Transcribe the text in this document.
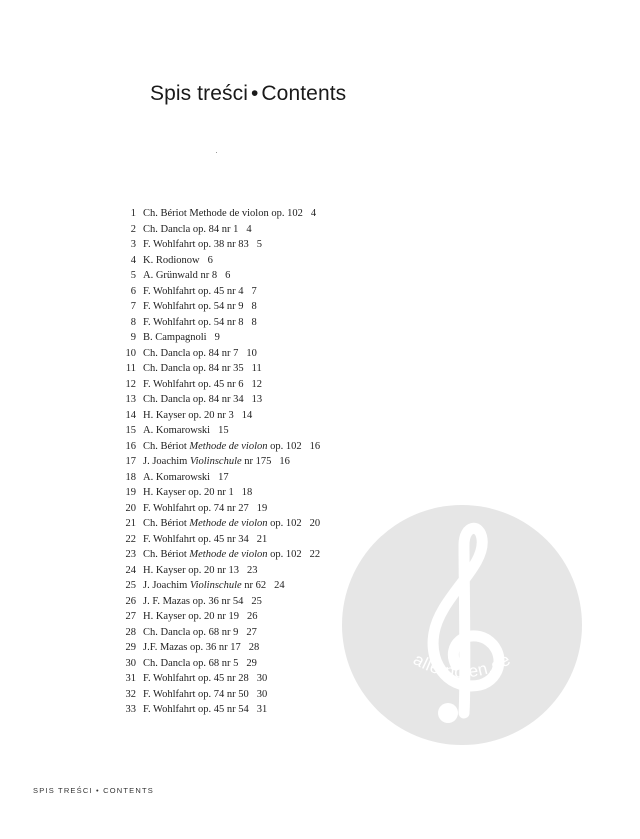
Spis treści • Contents
1 Ch. Bériot Methode de violon op. 102 4
2 Ch. Dancla op. 84 nr 1 4
3 F. Wohlfahrt op. 38 nr 83 5
4 K. Rodionow 6
5 A. Grünwald nr 8 6
6 F. Wohlfahrt op. 45 nr 4 7
7 F. Wohlfahrt op. 54 nr 9 8
8 F. Wohlfahrt op. 54 nr 8 8
9 B. Campagnoli 9
10 Ch. Dancla op. 84 nr 7 10
11 Ch. Dancla op. 84 nr 35 11
12 F. Wohlfahrt op. 45 nr 6 12
13 Ch. Dancla op. 84 nr 34 13
14 H. Kayser op. 20 nr 3 14
15 A. Komarowski 15
16 Ch. Bériot Methode de violon op. 102 16
17 J. Joachim Violinschule nr 175 16
18 A. Komarowski 17
19 H. Kayser op. 20 nr 1 18
20 F. Wohlfahrt op. 74 nr 27 19
21 Ch. Bériot Methode de violon op. 102 20
22 F. Wohlfahrt op. 45 nr 34 21
23 Ch. Bériot Methode de violon op. 102 22
24 H. Kayser op. 20 nr 13 23
25 J. Joachim Violinschule nr 62 24
26 J. F. Mazas op. 36 nr 54 25
27 H. Kayser op. 20 nr 19 26
28 Ch. Dancla op. 68 nr 9 27
29 J.F. Mazas op. 36 nr 17 28
30 Ch. Dancla op. 68 nr 5 29
31 F. Wohlfahrt op. 45 nr 28 30
32 F. Wohlfahrt op. 74 nr 50 30
33 F. Wohlfahrt op. 45 nr 54 31
alle-noten.de
SPIS TREŚCI • CONTENTS
